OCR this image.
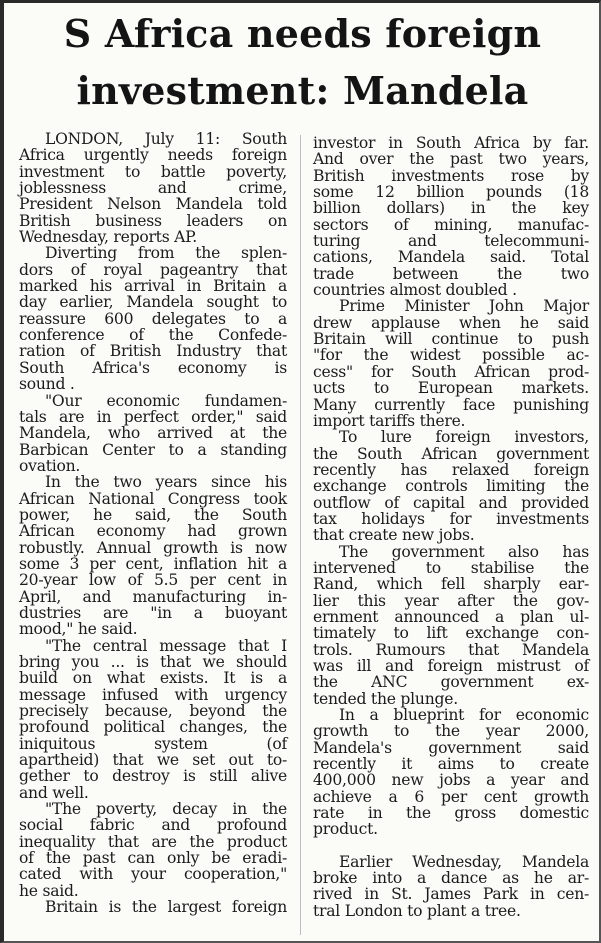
S Africa needs foreign
investment: Mandela
LONDON, July 11: South
Africa urgently needs foreign
investment to battle poverty,
joblessness and crime,
President Nelson Mandela told
British business leaders on
Wednesday, reports AP.
Diverting from the splen-
dors of royal pageantry that
marked his arrival in Britain a
day earlier, Mandela sought to
reassure 600 delegates to a
conference of the Confede-
ration of British Industry that
South Africa's economy is
sound .
"Our economic fundamen-
tals are in perfect order," said
Mandela, who arrived at the
Barbican Center to a standing
ovation.
In the two years since his
African National Congress took
power, he said, the South
African economy had grown
robustly. Annual growth is now
some 3 per cent, inflation hit a
20-year low of 5.5 per cent in
April, and manufacturing in-
dustries are "in a buoyant
mood," he said.
"The central message that I
bring you ... is that we should
build on what exists. It is a
message infused with urgency
precisely because, beyond the
profound political changes, the
iniquitous system (of
apartheid) that we set out to-
gether to destroy is still alive
and well.
"The poverty, decay in the
social fabric and profound
inequality that are the product
of the past can only be eradi-
cated with your cooperation,"
he said.
Britain is the largest foreign
investor in South Africa by far.
And over the past two years,
British investments rose by
some 12 billion pounds (18
billion dollars) in the key
sectors of mining, manufac-
turing and telecommuni-
cations, Mandela said. Total
trade between the two
countries almost doubled .
Prime Minister John Major
drew applause when he said
Britain will continue to push
"for the widest possible ac-
cess" for South African prod-
ucts to European markets.
Many currently face punishing
import tariffs there.
To lure foreign investors,
the South African government
recently has relaxed foreign
exchange controls limiting the
outflow of capital and provided
tax holidays for investments
that create new jobs.
The government also has
intervened to stabilise the
Rand, which fell sharply ear-
lier this year after the gov-
ernment announced a plan ul-
timately to lift exchange con-
trols. Rumours that Mandela
was ill and foreign mistrust of
the ANC government ex-
tended the plunge.
In a blueprint for economic
growth to the year 2000,
Mandela's government said
recently it aims to create
400,000 new jobs a year and
achieve a 6 per cent growth
rate in the gross domestic
product.
Earlier Wednesday, Mandela
broke into a dance as he ar-
rived in St. James Park in cen-
tral London to plant a tree.
